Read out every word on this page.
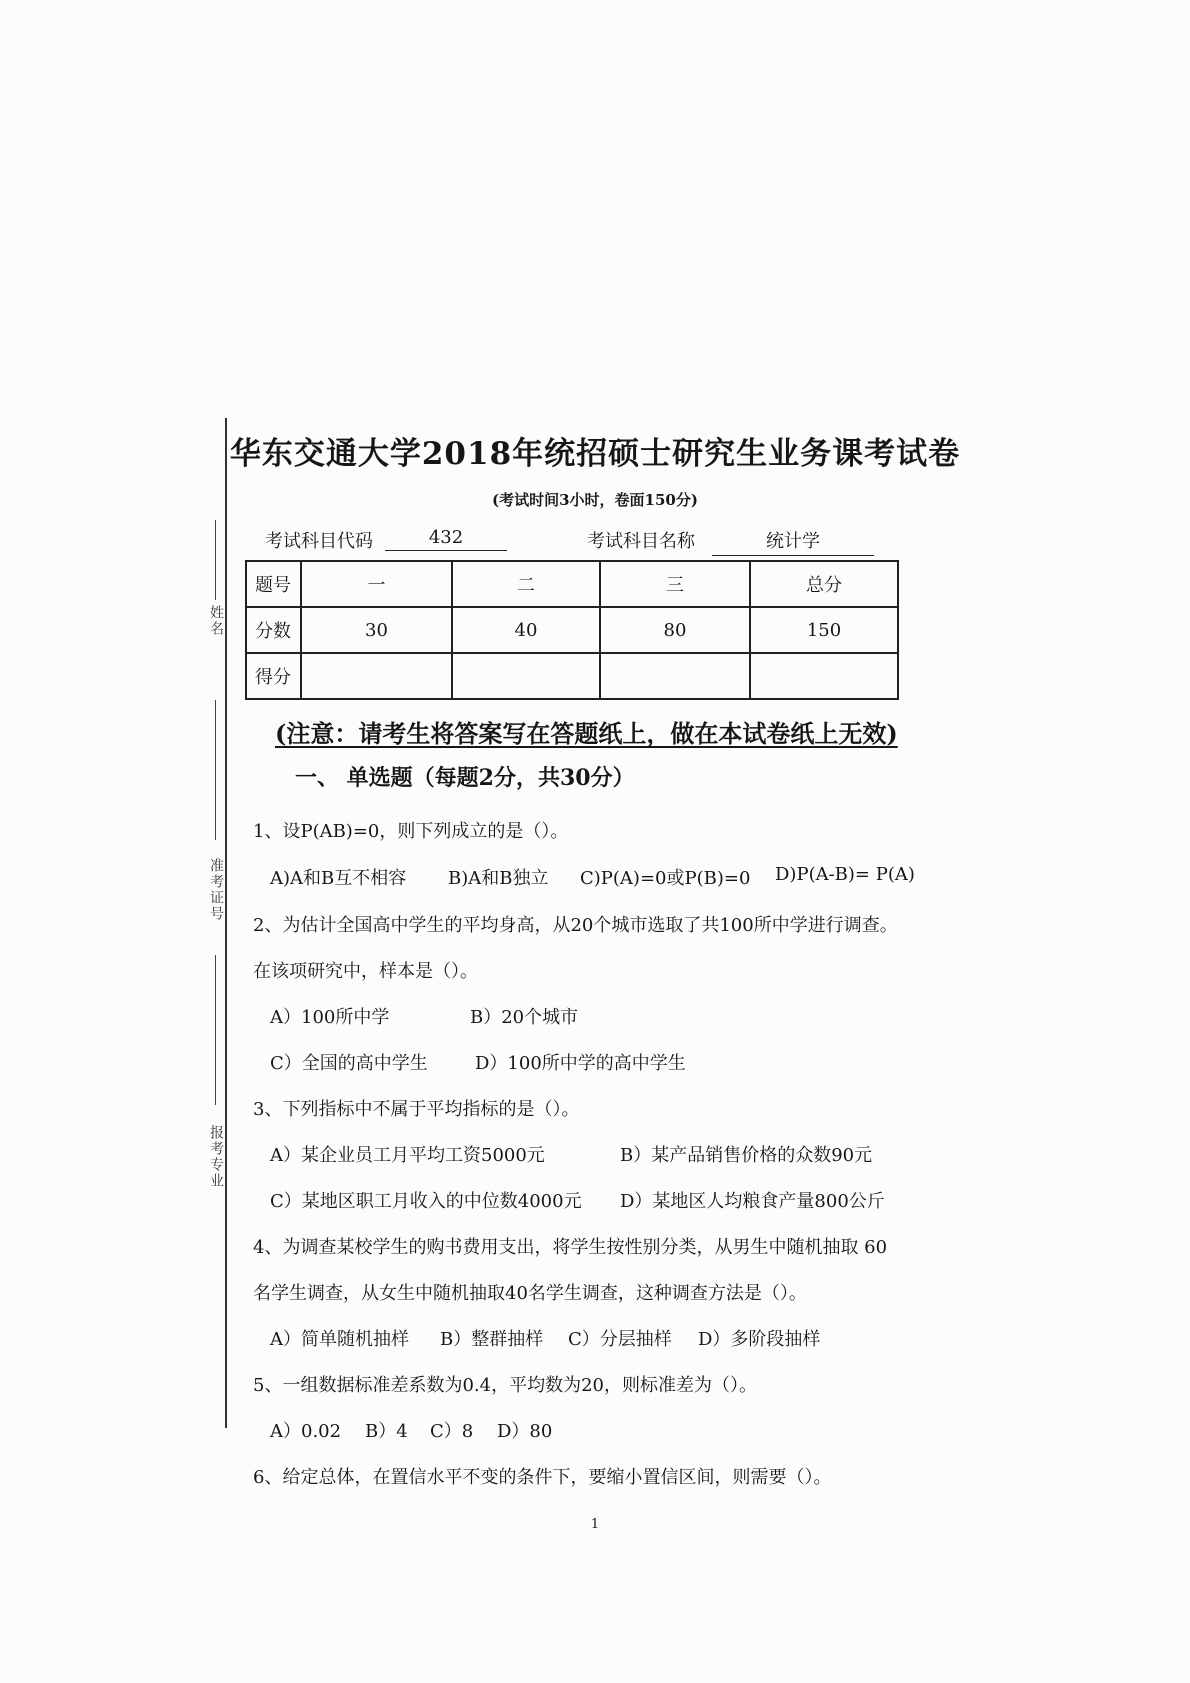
姓名
准考证号
报考专业
华东交通大学2018年统招硕士研究生业务课考试卷
(考试时间3小时，卷面150分)
考试科目代码	432	考试科目名称	统计学
题号	一	二	三	总分
分数	30	40	80	150
得分				
(注意：请考生将答案写在答题纸上，做在本试卷纸上无效)
一、 单选题（每题2分，共30分）
1、设P(AB)=0，则下列成立的是（）。
A)A和B互不相容 B)A和B独立 C)P(A)=0或P(B)=0 D)P(A-B)= P(A)
2、为估计全国高中学生的平均身高，从20个城市选取了共100所中学进行调查。
在该项研究中，样本是（）。
A）100所中学	B）20个城市
C）全国的高中学生	D）100所中学的高中学生
3、下列指标中不属于平均指标的是（）。
A）某企业员工月平均工资5000元	B）某产品销售价格的众数90元
C）某地区职工月收入的中位数4000元 D）某地区人均粮食产量800公斤
4、为调查某校学生的购书费用支出，将学生按性别分类，从男生中随机抽取 60
名学生调查，从女生中随机抽取40名学生调查，这种调查方法是（）。
A）简单随机抽样 B）整群抽样 C）分层抽样 D）多阶段抽样
5、一组数据标准差系数为0.4，平均数为20，则标准差为（）。
A）0.02 B）4 C）8 D）80
6、给定总体，在置信水平不变的条件下，要缩小置信区间，则需要（）。
1
